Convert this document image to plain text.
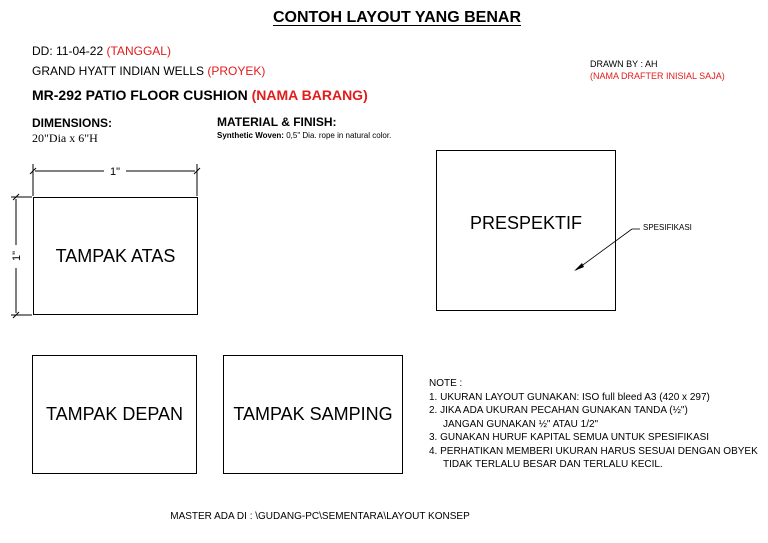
CONTOH LAYOUT YANG BENAR
DD: 11-04-22 (TANGGAL)
GRAND HYATT INDIAN WELLS (PROYEK)
MR-292 PATIO FLOOR CUSHION (NAMA BARANG)
DRAWN BY : AH
(NAMA DRAFTER INISIAL SAJA)
DIMENSIONS:
20"Dia x 6"H
MATERIAL & FINISH:
Synthetic Woven: 0,5" Dia. rope in natural color.
TAMPAK ATAS
PRESPEKTIF
TAMPAK DEPAN	TAMPAK SAMPING
1"
1"
SPESIFIKASI
NOTE :
1. UKURAN LAYOUT GUNAKAN: ISO full bleed A3 (420 x 297)
2. JIKA ADA UKURAN PECAHAN GUNAKAN TANDA (½")
JANGAN GUNAKAN ½" ATAU 1/2"
3. GUNAKAN HURUF KAPITAL SEMUA UNTUK SPESIFIKASI
4. PERHATIKAN MEMBERI UKURAN HARUS SESUAI DENGAN OBYEK
TIDAK TERLALU BESAR DAN TERLALU KECIL.
MASTER ADA DI : \GUDANG-PC\SEMENTARA\LAYOUT KONSEP
